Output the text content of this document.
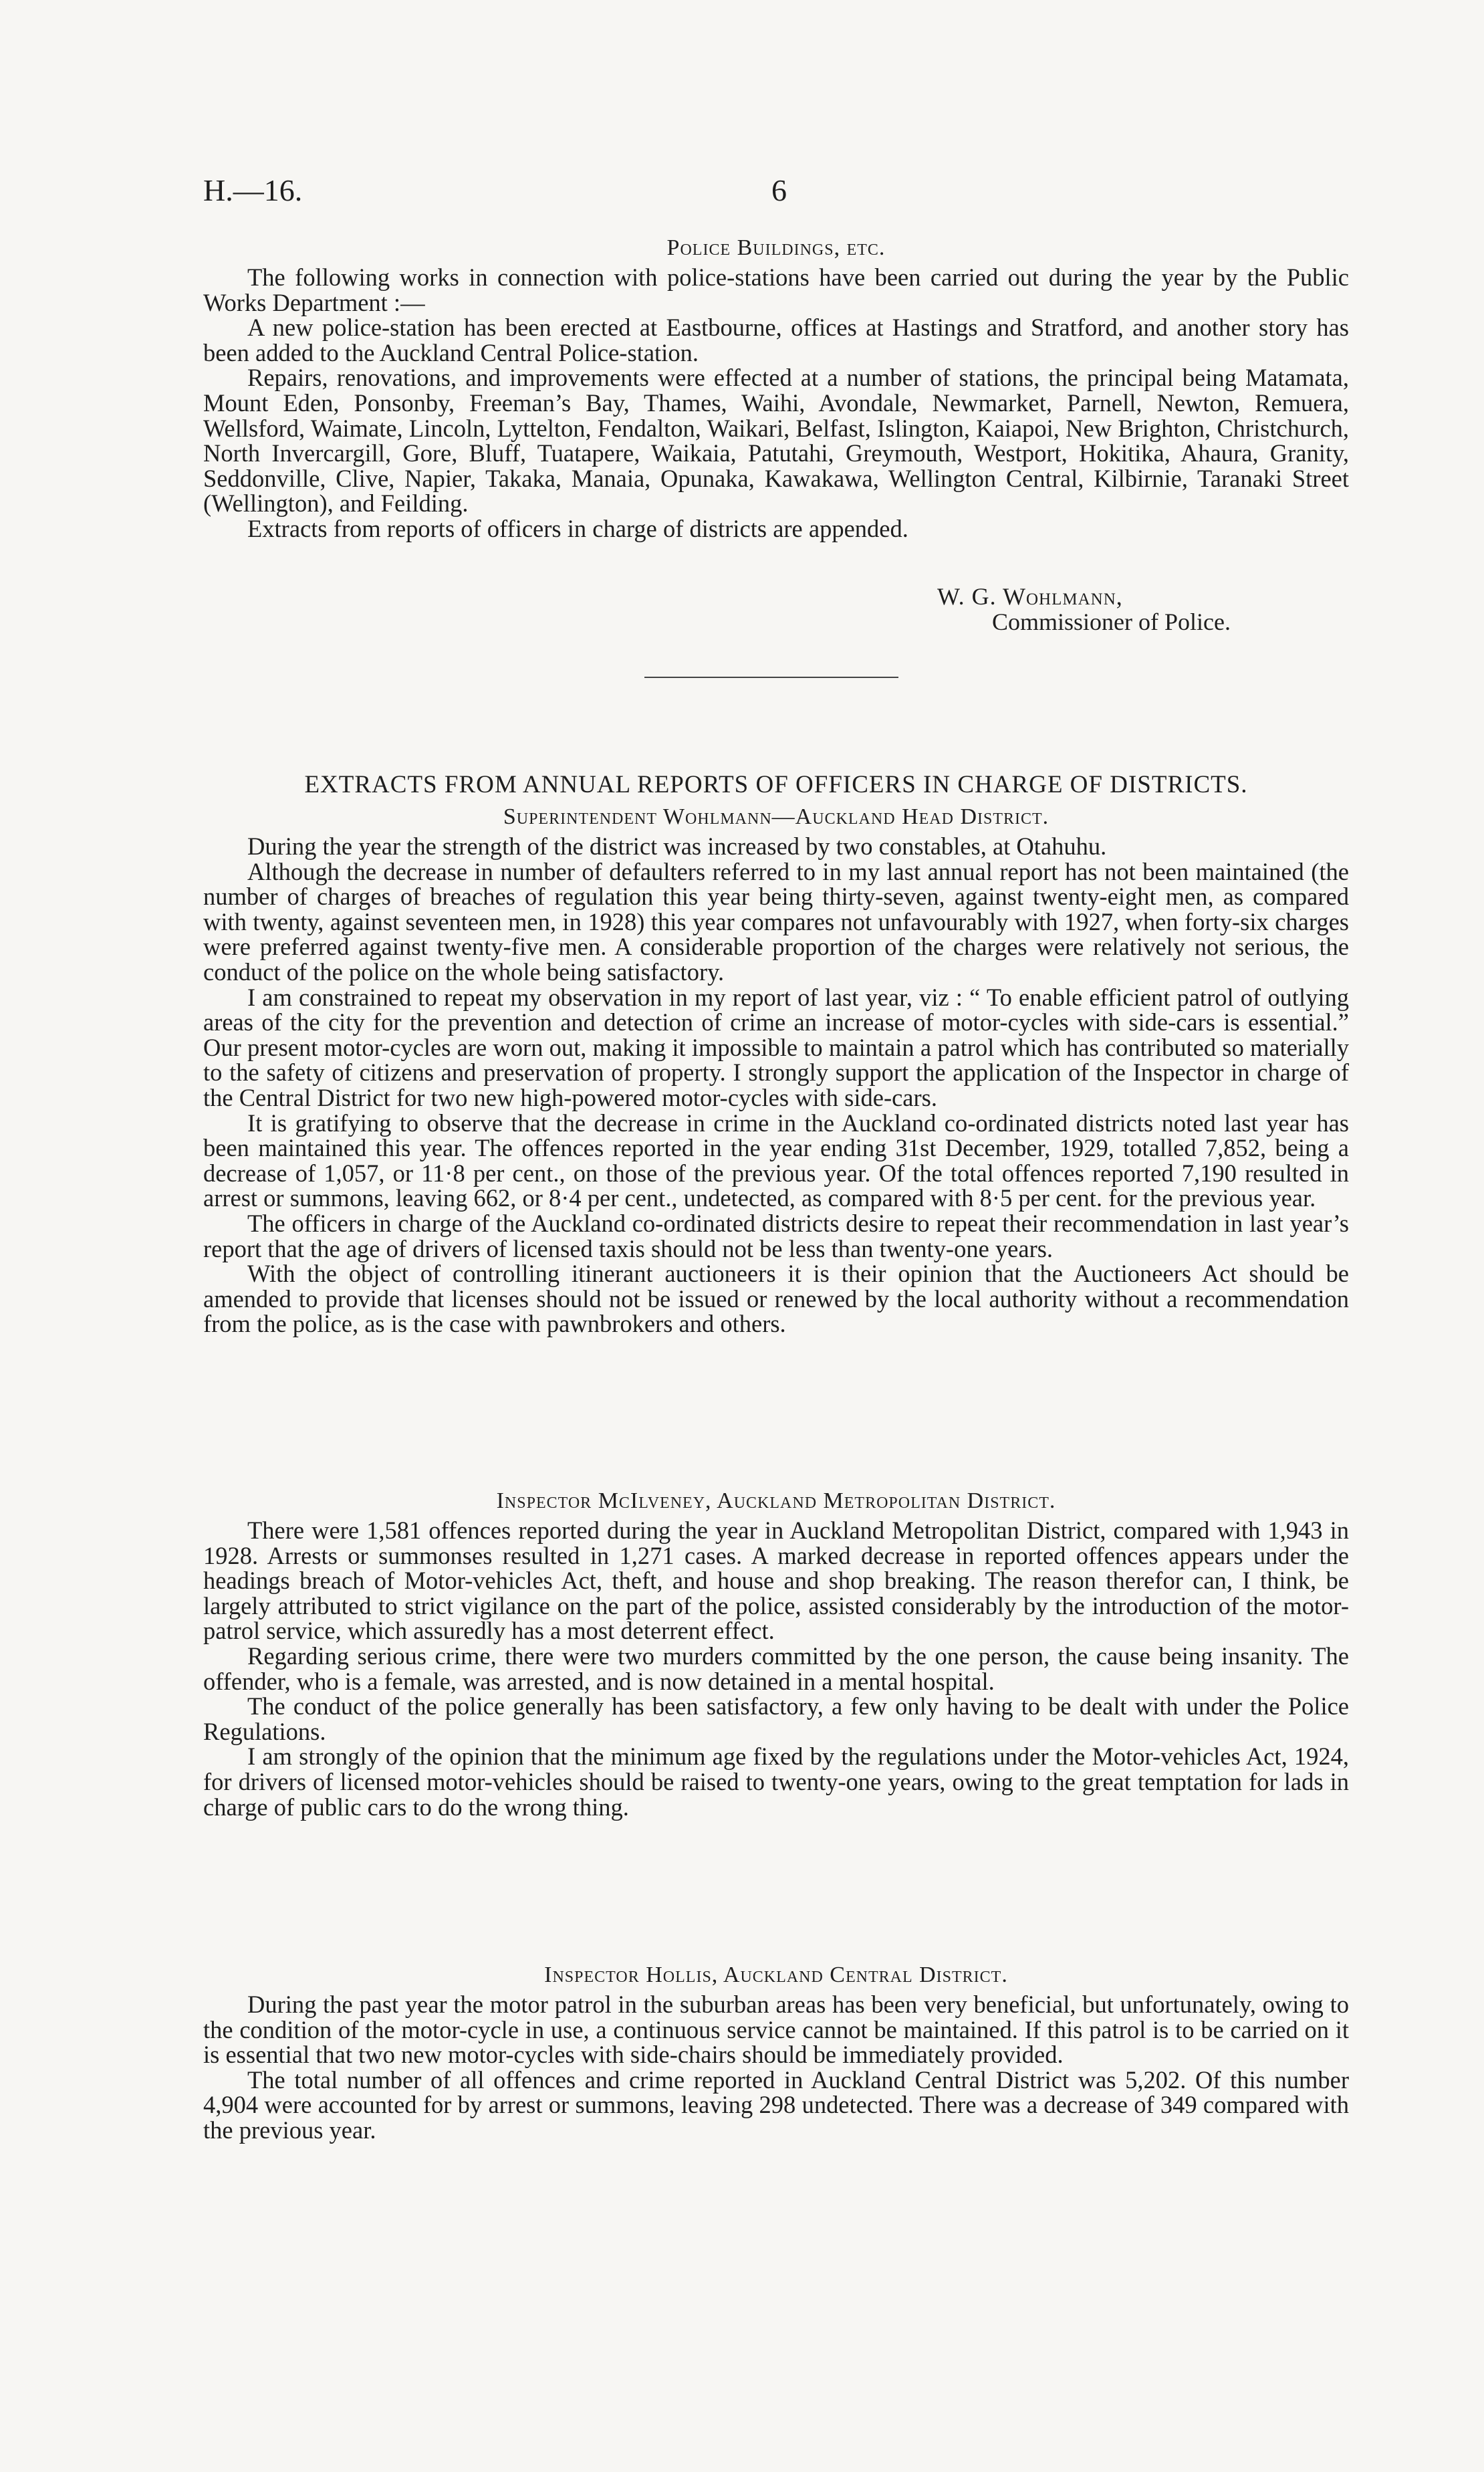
H.—16.	6
Police Buildings, etc.

The following works in connection with police-stations have been carried out during the year by the Public Works Department :—

A new police-station has been erected at Eastbourne, offices at Hastings and Stratford, and another story has been added to the Auckland Central Police-station.

Repairs, renovations, and improvements were effected at a number of stations, the principal being Matamata, Mount Eden, Ponsonby, Freeman’s Bay, Thames, Waihi, Avondale, Newmarket, Parnell, Newton, Remuera, Wellsford, Waimate, Lincoln, Lyttelton, Fendalton, Waikari, Belfast, Islington, Kaiapoi, New Brighton, Christchurch, North Invercargill, Gore, Bluff, Tuatapere, Waikaia, Patutahi, Greymouth, Westport, Hokitika, Ahaura, Granity, Seddonville, Clive, Napier, Takaka, Manaia, Opunaka, Kawakawa, Wellington Central, Kilbirnie, Taranaki Street (Wellington), and Feilding.

Extracts from reports of officers in charge of districts are appended.

W. G. Wohlmann,
Commissioner of Police.
EXTRACTS FROM ANNUAL REPORTS OF OFFICERS IN CHARGE OF DISTRICTS.
Superintendent Wohlmann—Auckland Head District.

During the year the strength of the district was increased by two constables, at Otahuhu.

Although the decrease in number of defaulters referred to in my last annual report has not been maintained (the number of charges of breaches of regulation this year being thirty-seven, against twenty-eight men, as compared with twenty, against seventeen men, in 1928) this year compares not unfavourably with 1927, when forty-six charges were preferred against twenty-five men. A considerable proportion of the charges were relatively not serious, the conduct of the police on the whole being satisfactory.

I am constrained to repeat my observation in my report of last year, viz : “ To enable efficient patrol of outlying areas of the city for the prevention and detection of crime an increase of motor-cycles with side-cars is essential.” Our present motor-cycles are worn out, making it impossible to maintain a patrol which has contributed so materially to the safety of citizens and preservation of property. I strongly support the application of the Inspector in charge of the Central District for two new high-powered motor-cycles with side-cars.

It is gratifying to observe that the decrease in crime in the Auckland co-ordinated districts noted last year has been maintained this year. The offences reported in the year ending 31st December, 1929, totalled 7,852, being a decrease of 1,057, or 11·8 per cent., on those of the previous year. Of the total offences reported 7,190 resulted in arrest or summons, leaving 662, or 8·4 per cent., undetected, as compared with 8·5 per cent. for the previous year.

The officers in charge of the Auckland co-ordinated districts desire to repeat their recommendation in last year’s report that the age of drivers of licensed taxis should not be less than twenty-one years.

With the object of controlling itinerant auctioneers it is their opinion that the Auctioneers Act should be amended to provide that licenses should not be issued or renewed by the local authority without a recommendation from the police, as is the case with pawnbrokers and others.

Inspector McIlveney, Auckland Metropolitan District.

There were 1,581 offences reported during the year in Auckland Metropolitan District, compared with 1,943 in 1928. Arrests or summonses resulted in 1,271 cases. A marked decrease in reported offences appears under the headings breach of Motor-vehicles Act, theft, and house and shop breaking. The reason therefor can, I think, be largely attributed to strict vigilance on the part of the police, assisted considerably by the introduction of the motor-patrol service, which assuredly has a most deterrent effect.

Regarding serious crime, there were two murders committed by the one person, the cause being insanity. The offender, who is a female, was arrested, and is now detained in a mental hospital.

The conduct of the police generally has been satisfactory, a few only having to be dealt with under the Police Regulations.

I am strongly of the opinion that the minimum age fixed by the regulations under the Motor-vehicles Act, 1924, for drivers of licensed motor-vehicles should be raised to twenty-one years, owing to the great temptation for lads in charge of public cars to do the wrong thing.

Inspector Hollis, Auckland Central District.

During the past year the motor patrol in the suburban areas has been very beneficial, but unfortunately, owing to the condition of the motor-cycle in use, a continuous service cannot be maintained. If this patrol is to be carried on it is essential that two new motor-cycles with side-chairs should be immediately provided.

The total number of all offences and crime reported in Auckland Central District was 5,202. Of this number 4,904 were accounted for by arrest or summons, leaving 298 undetected. There was a decrease of 349 compared with the previous year.
